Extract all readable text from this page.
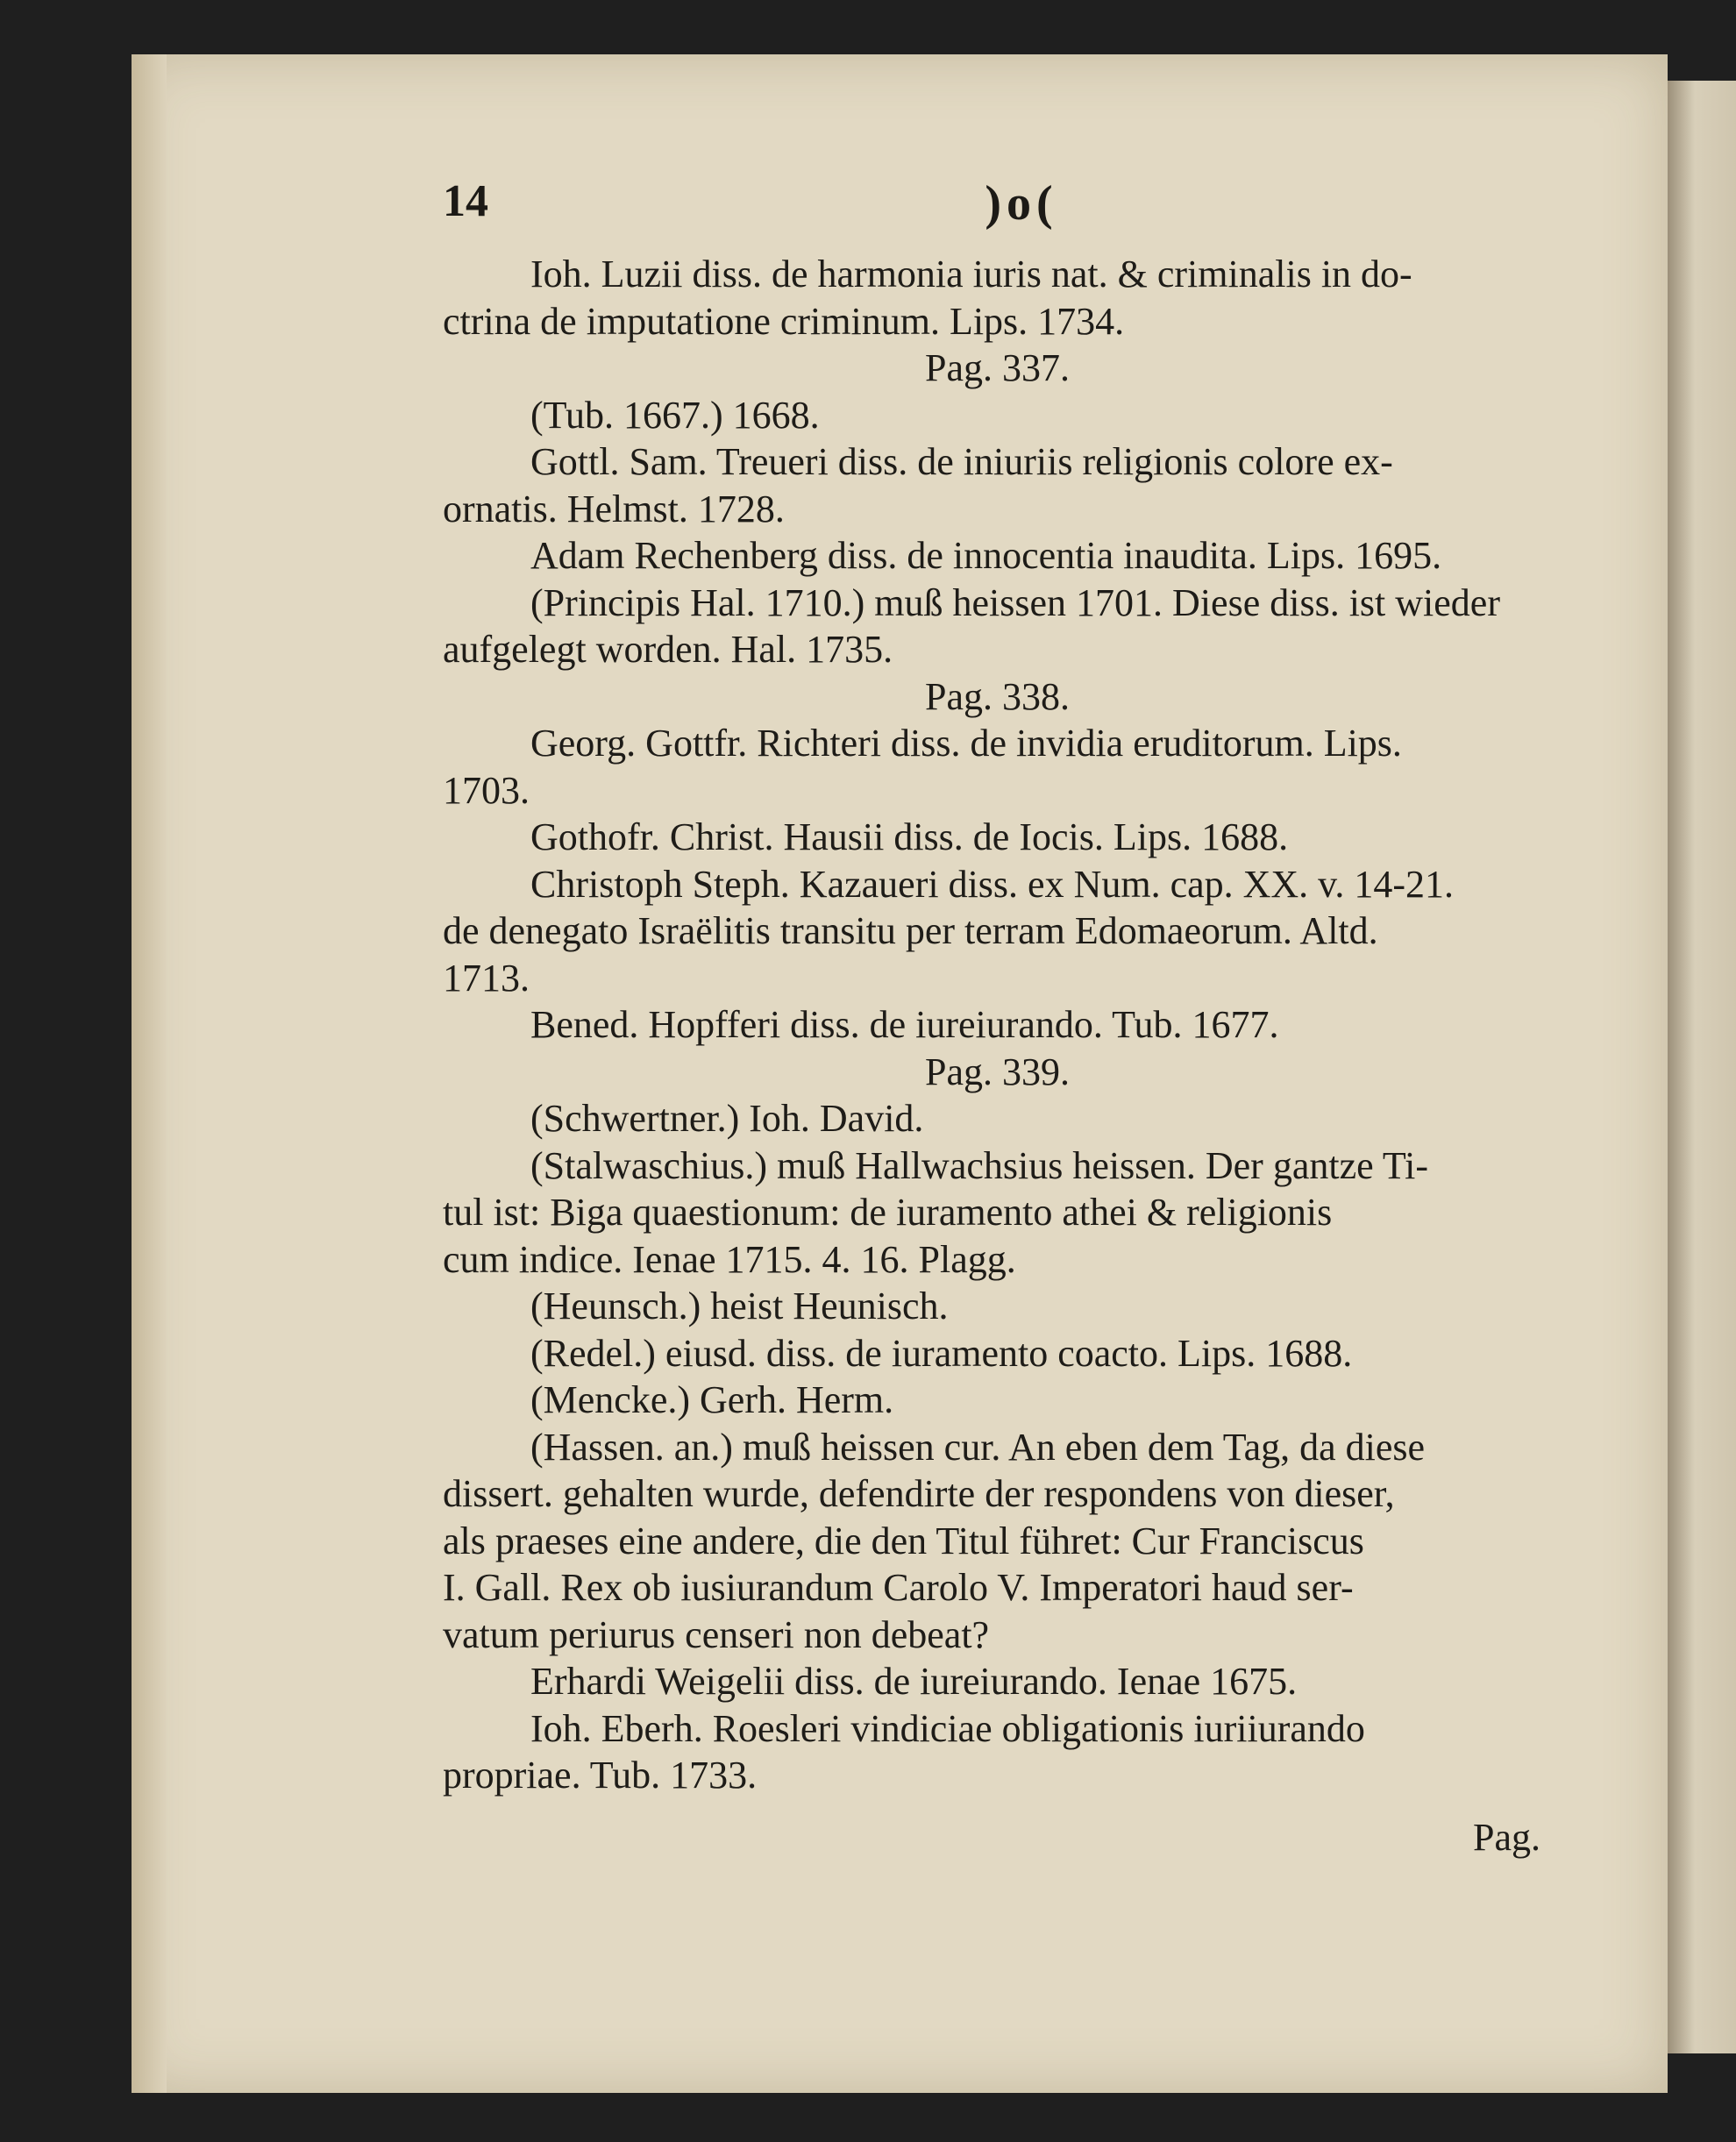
14	)o(

Ioh. Luzii diss. de harmonia iuris nat. & criminalis in do-

ctrina de imputatione criminum. Lips. 1734.

Pag. 337.

(Tub. 1667.) 1668.

Gottl. Sam. Treueri diss. de iniuriis religionis colore ex-

ornatis. Helmst. 1728.

Adam Rechenberg diss. de innocentia inaudita. Lips. 1695.

(Principis Hal. 1710.) muß heissen 1701. Diese diss. ist wieder

aufgelegt worden. Hal. 1735.

Pag. 338.

Georg. Gottfr. Richteri diss. de invidia eruditorum. Lips.

1703.

Gothofr. Christ. Hausii diss. de Iocis. Lips. 1688.

Christoph Steph. Kazaueri diss. ex Num. cap. XX. v. 14-21.

de denegato Israëlitis transitu per terram Edomaeorum. Altd.

1713.

Bened. Hopfferi diss. de iureiurando. Tub. 1677.

Pag. 339.

(Schwertner.) Ioh. David.

(Stalwaschius.) muß Hallwachsius heissen. Der gantze Ti-

tul ist: Biga quaestionum: de iuramento athei & religionis

cum indice. Ienae 1715. 4. 16. Plagg.

(Heunsch.) heist Heunisch.

(Redel.) eiusd. diss. de iuramento coacto. Lips. 1688.

(Mencke.) Gerh. Herm.

(Hassen. an.) muß heissen cur. An eben dem Tag, da diese

dissert. gehalten wurde, defendirte der respondens von dieser,

als praeses eine andere, die den Titul führet: Cur Franciscus

I. Gall. Rex ob iusiurandum Carolo V. Imperatori haud ser-

vatum periurus censeri non debeat?

Erhardi Weigelii diss. de iureiurando. Ienae 1675.

Ioh. Eberh. Roesleri vindiciae obligationis iuriiurando

propriae. Tub. 1733.

Pag.
